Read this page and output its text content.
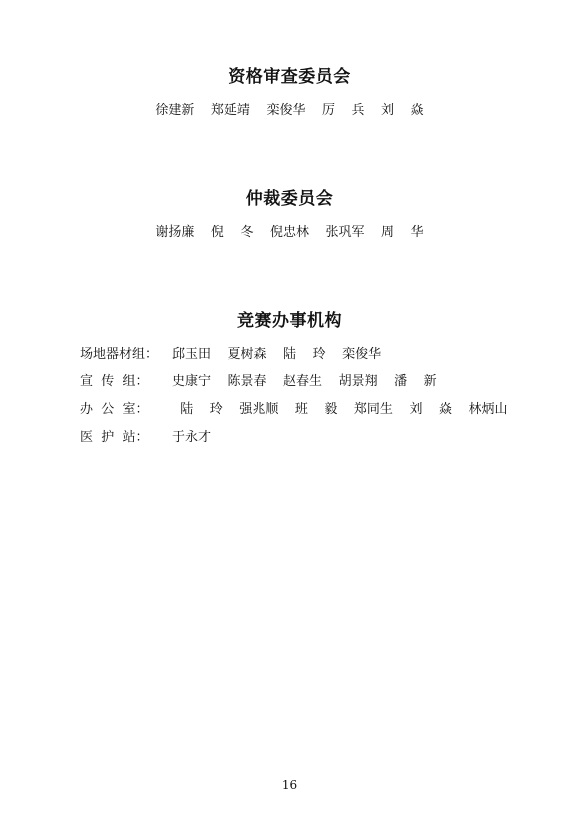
资格审查委员会
徐建新    郑延靖    栾俊华    厉    兵    刘    焱
仲裁委员会
谢扬廉    倪    冬    倪忠林    张巩军    周    华
竞赛办事机构

场地器材组：

邱玉田    夏树森    陆    玲    栾俊华

宣  传  组：

史康宁    陈景春    赵春生    胡景翔    潘    新

办  公  室：

陆    玲    强兆顺    班    毅    郑同生    刘    焱    林炳山

医  护  站：

于永才

16
